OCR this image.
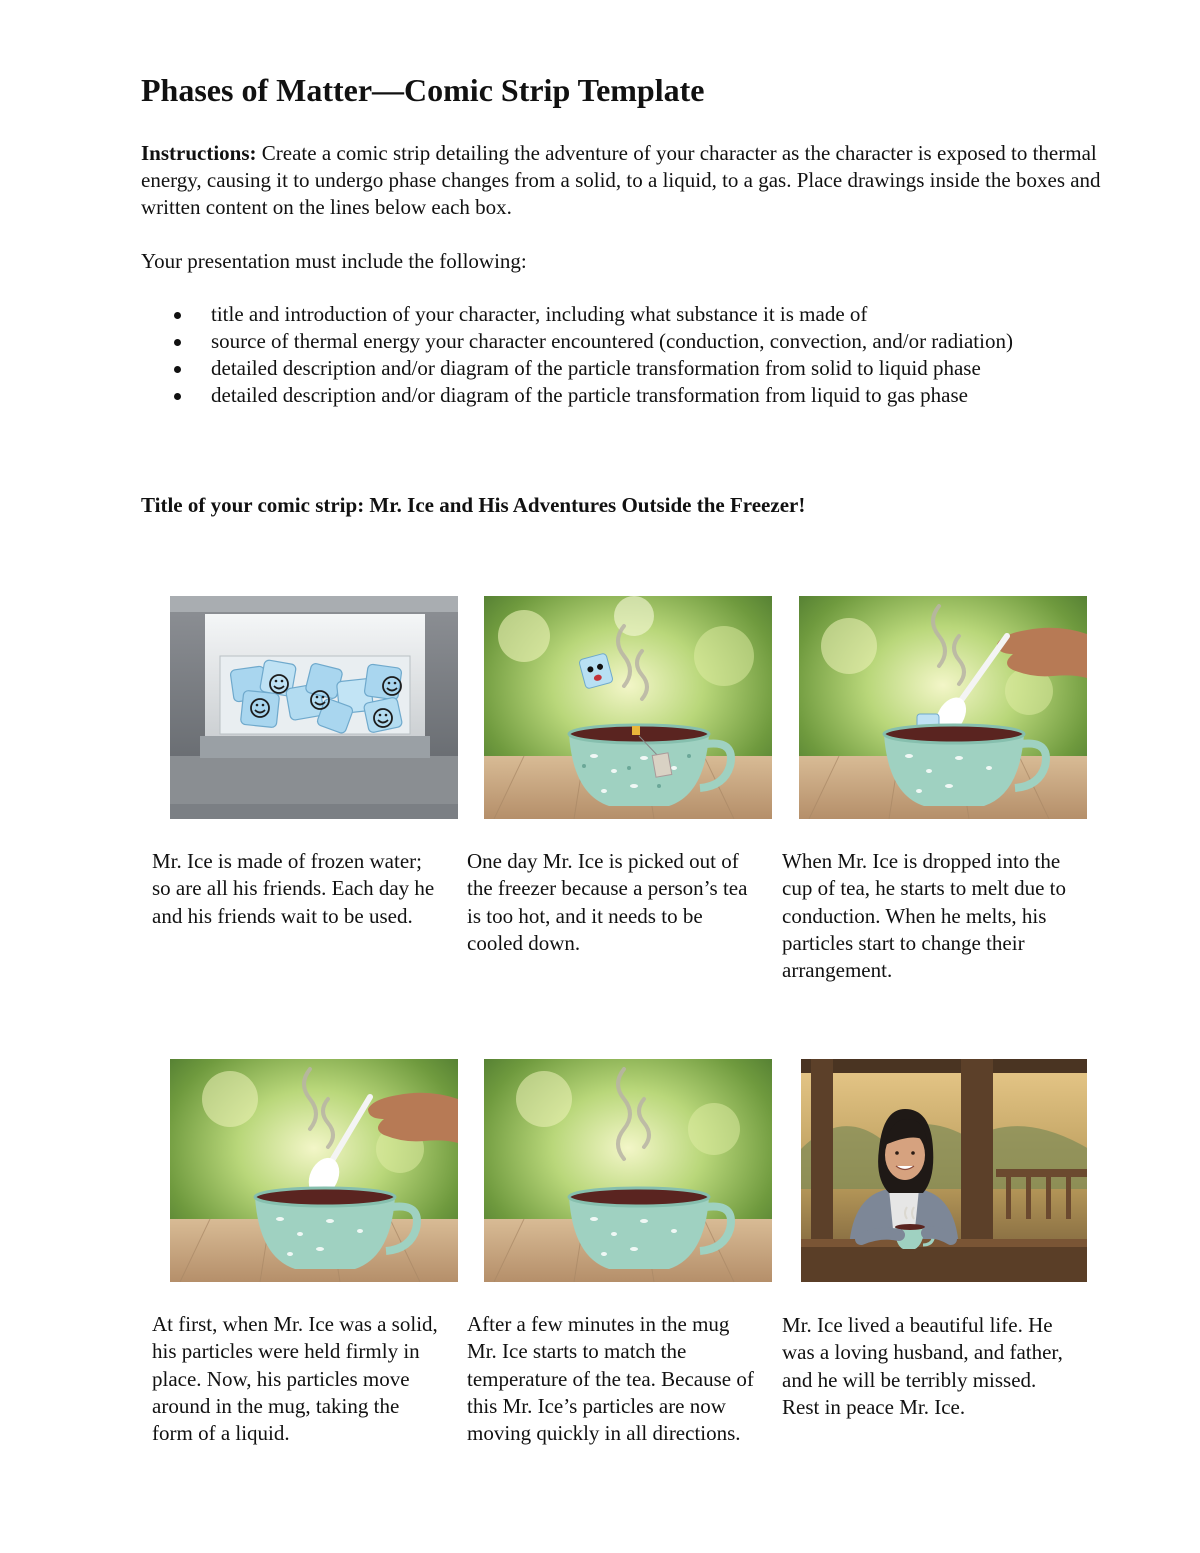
Phases of Matter—Comic Strip Template

Instructions: Create a comic strip detailing the adventure of your character as the character is exposed to thermal energy, causing it to undergo phase changes from a solid, to a liquid, to a gas. Place drawings inside the boxes and written content on the lines below each box.

Your presentation must include the following:

title and introduction of your character, including what substance it is made of
source of thermal energy your character encountered (conduction, convection, and/or radiation)
detailed description and/or diagram of the particle transformation from solid to liquid phase
detailed description and/or diagram of the particle transformation from liquid to gas phase

Title of your comic strip: Mr. Ice and His Adventures Outside the Freezer!

Mr. Ice is made of frozen water; so are all his friends. Each day he and his friends wait to be used.

One day Mr. Ice is picked out of the freezer because a person’s tea is too hot, and it needs to be cooled down.

When Mr. Ice is dropped into the cup of tea, he starts to melt due to conduction. When he melts, his particles start to change their arrangement.

At first, when Mr. Ice was a solid, his particles were held firmly in place. Now, his particles move around in the mug, taking the form of a liquid.

After a few minutes in the mug Mr. Ice starts to match the temperature of the tea. Because of this Mr. Ice’s particles are now moving quickly in all directions.

Mr. Ice lived a beautiful life. He was a loving husband, and father, and he will be terribly missed. Rest in peace Mr. Ice.
